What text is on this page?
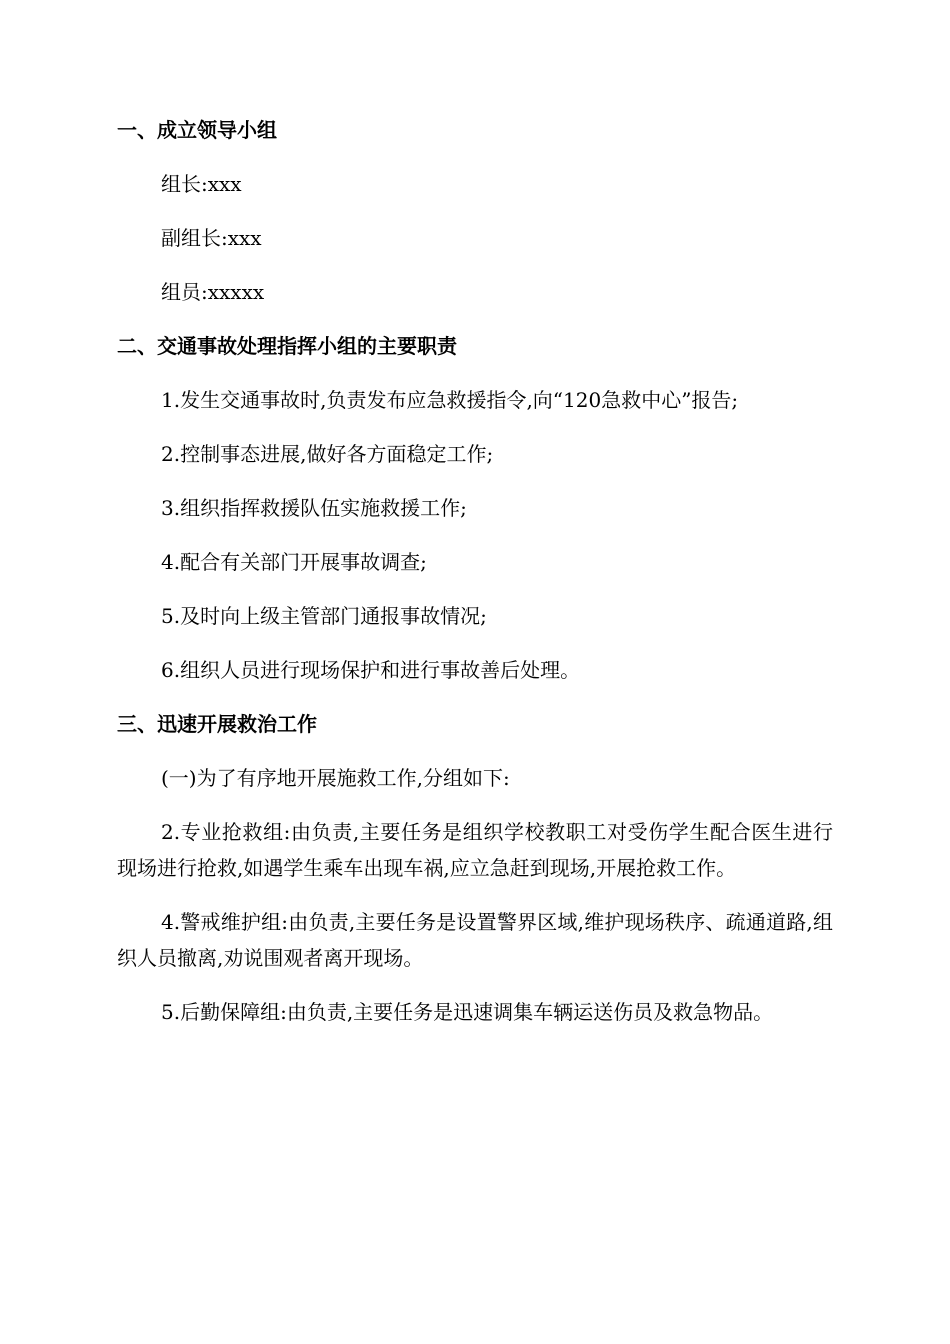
一、成立领导小组
组长:xxx
副组长:xxx
组员:xxxxx
二、交通事故处理指挥小组的主要职责
1.发生交通事故时,负责发布应急救援指令,向“120急救中心”报告;
2.控制事态进展,做好各方面稳定工作;
3.组织指挥救援队伍实施救援工作;
4.配合有关部门开展事故调查;
5.及时向上级主管部门通报事故情况;
6.组织人员进行现场保护和进行事故善后处理。
三、迅速开展救治工作
(一)为了有序地开展施救工作,分组如下:
2.专业抢救组:由负责,主要任务是组织学校教职工对受伤学生配合医生进行现场进行抢救,如遇学生乘车出现车祸,应立急赶到现场,开展抢救工作。
4.警戒维护组:由负责,主要任务是设置警界区域,维护现场秩序、疏通道路,组织人员撤离,劝说围观者离开现场。
5.后勤保障组:由负责,主要任务是迅速调集车辆运送伤员及救急物品。
